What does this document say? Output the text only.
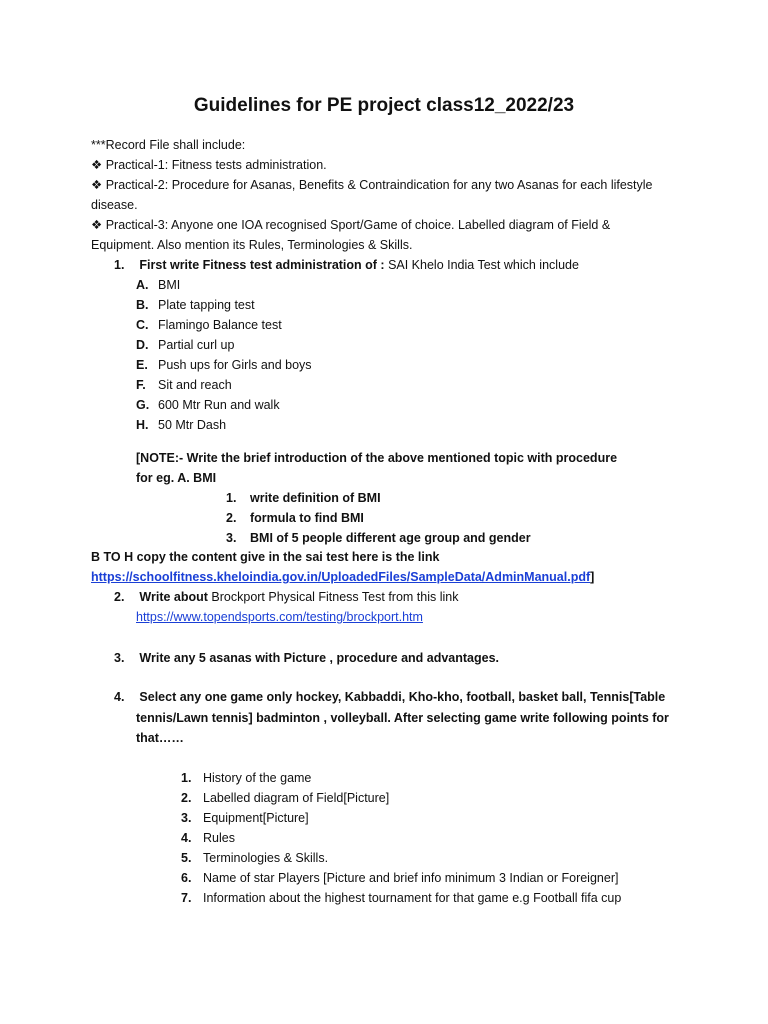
Guidelines for PE project class12_2022/23
***Record File shall include:
❖ Practical-1: Fitness tests administration.
❖ Practical-2: Procedure for Asanas, Benefits & Contraindication for any two Asanas for each lifestyle
disease.
❖ Practical-3: Anyone one IOA recognised Sport/Game of choice. Labelled diagram of Field &
Equipment. Also mention its Rules, Terminologies & Skills.
1. First write Fitness test administration of : SAI Khelo India Test which include
A. BMI
B. Plate tapping test
C. Flamingo Balance test
D. Partial curl up
E. Push ups for Girls and boys
F. Sit and reach
G. 600 Mtr Run and walk
H. 50 Mtr Dash
[NOTE:- Write the brief introduction of the above mentioned topic with procedure
for eg. A. BMI
1. write definition of BMI
2. formula to find BMI
3. BMI of 5 people different age group and gender
B TO H copy the content give in the sai test here is the link
https://schoolfitness.kheloindia.gov.in/UploadedFiles/SampleData/AdminManual.pdf]
2. Write about Brockport Physical Fitness Test from this link
https://www.topendsports.com/testing/brockport.htm
3. Write any 5 asanas with Picture , procedure and advantages.
4. Select any one game only hockey, Kabbaddi, Kho-kho, football, basket ball, Tennis[Table
tennis/Lawn tennis] badminton , volleyball. After selecting game write following points for
that……
1. History of the game
2. Labelled diagram of Field[Picture]
3. Equipment[Picture]
4. Rules
5. Terminologies & Skills.
6. Name of star Players [Picture and brief info minimum 3 Indian or Foreigner]
7. Information about the highest tournament for that game e.g Football fifa cup
